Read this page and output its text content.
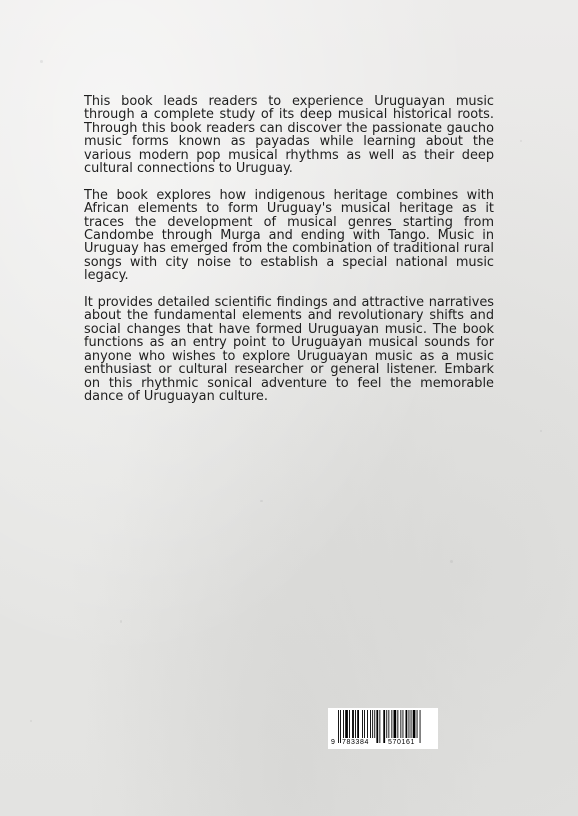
This book leads readers to experience Uruguayan music through a complete study of its deep musical historical roots. Through this book readers can discover the passionate gaucho music forms known as payadas while learning about the various modern pop musical rhythms as well as their deep cultural connections to Uruguay.

The book explores how indigenous heritage combines with African elements to form Uruguay's musical heritage as it traces the development of musical genres starting from Candombe through Murga and ending with Tango. Music in Uruguay has emerged from the combination of traditional rural songs with city noise to establish a special national music legacy.

It provides detailed scientific findings and attractive narratives about the fundamental elements and revolutionary shifts and social changes that have formed Uruguayan music. The book functions as an entry point to Uruguayan musical sounds for anyone who wishes to explore Uruguayan music as a music enthusiast or cultural researcher or general listener. Embark on this rhythmic sonical adventure to feel the memorable dance of Uruguayan culture.

9 783384	570161
